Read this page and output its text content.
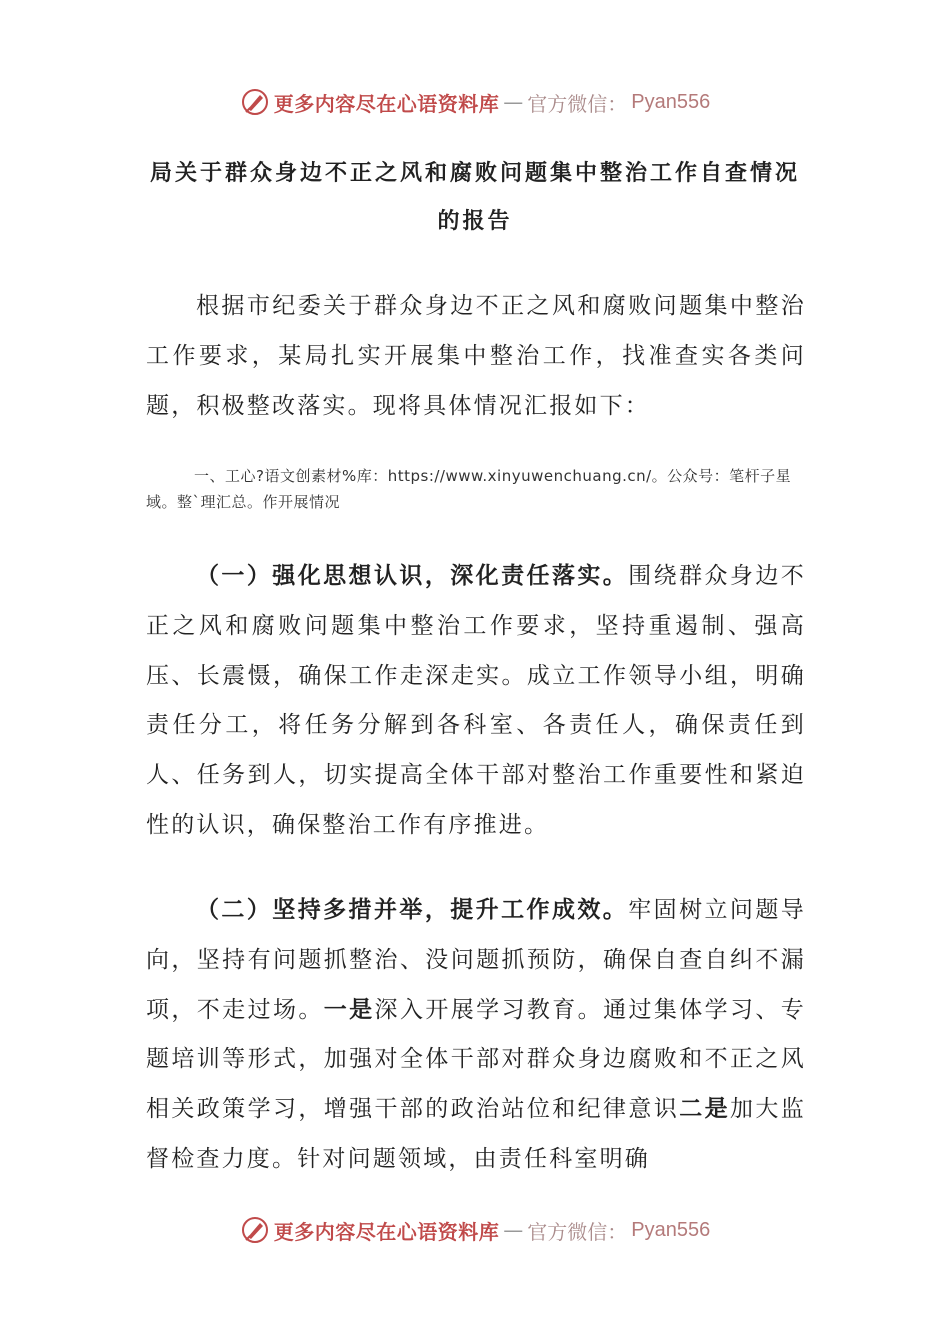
更多内容尽在心语资料库 — 官方微信： Pyan556
局关于群众身边不正之风和腐败问题集中整治工作自查情况的报告

根据市纪委关于群众身边不正之风和腐败问题集中整治工作要求，某局扎实开展集中整治工作，找准查实各类问题，积极整改落实。现将具体情况汇报如下：

一、工心?语文创素材%库：https://www.xinyuwenchuang.cn/。公众号：笔杆子星域。整`理汇总。作开展情况

（一）强化思想认识，深化责任落实。围绕群众身边不正之风和腐败问题集中整治工作要求，坚持重遏制、强高压、长震慑，确保工作走深走实。成立工作领导小组，明确责任分工，将任务分解到各科室、各责任人，确保责任到人、任务到人，切实提高全体干部对整治工作重要性和紧迫性的认识，确保整治工作有序推进。

（二）坚持多措并举，提升工作成效。牢固树立问题导向，坚持有问题抓整治、没问题抓预防，确保自查自纠不漏项，不走过场。一是深入开展学习教育。通过集体学习、专题培训等形式，加强对全体干部对群众身边腐败和不正之风相关政策学习，增强干部的政治站位和纪律意识二是加大监督检查力度。针对问题领域，由责任科室明确

更多内容尽在心语资料库 — 官方微信： Pyan556
